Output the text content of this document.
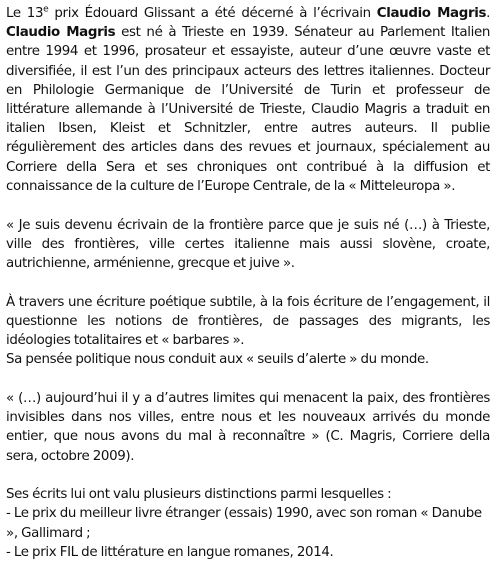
Le 13e prix Édouard Glissant a été décerné à l’écrivain Claudio Magris. Claudio Magris est né à Trieste en 1939. Sénateur au Parlement Italien entre 1994 et 1996, prosateur et essayiste, auteur d’une œuvre vaste et diversifiée, il est l’un des principaux acteurs des lettres italiennes. Docteur en Philologie Germanique de l’Université de Turin et professeur de littérature allemande à l’Université de Trieste, Claudio Magris a traduit en italien Ibsen, Kleist et Schnitzler, entre autres auteurs. Il publie régulièrement des articles dans des revues et journaux, spécialement au Corriere della Sera et ses chroniques ont contribué à la diffusion et connaissance de la culture de l’Europe Centrale, de la « Mitteleuropa ».

« Je suis devenu écrivain de la frontière parce que je suis né (…) à Trieste, ville des frontières, ville certes italienne mais aussi slovène, croate, autrichienne, arménienne, grecque et juive ».

À travers une écriture poétique subtile, à la fois écriture de l’engagement, il questionne les notions de frontières, de passages des migrants, les idéologies totalitaires et « barbares ».

Sa pensée politique nous conduit aux « seuils d’alerte » du monde.

« (…) aujourd’hui il y a d’autres limites qui menacent la paix, des frontières invisibles dans nos villes, entre nous et les nouveaux arrivés du monde entier, que nous avons du mal à reconnaître » (C. Magris, Corriere della sera, octobre 2009).

Ses écrits lui ont valu plusieurs distinctions parmi lesquelles :

- Le prix du meilleur livre étranger (essais) 1990, avec son roman « Danube », Gallimard ;

- Le prix FIL de littérature en langue romanes, 2014.
